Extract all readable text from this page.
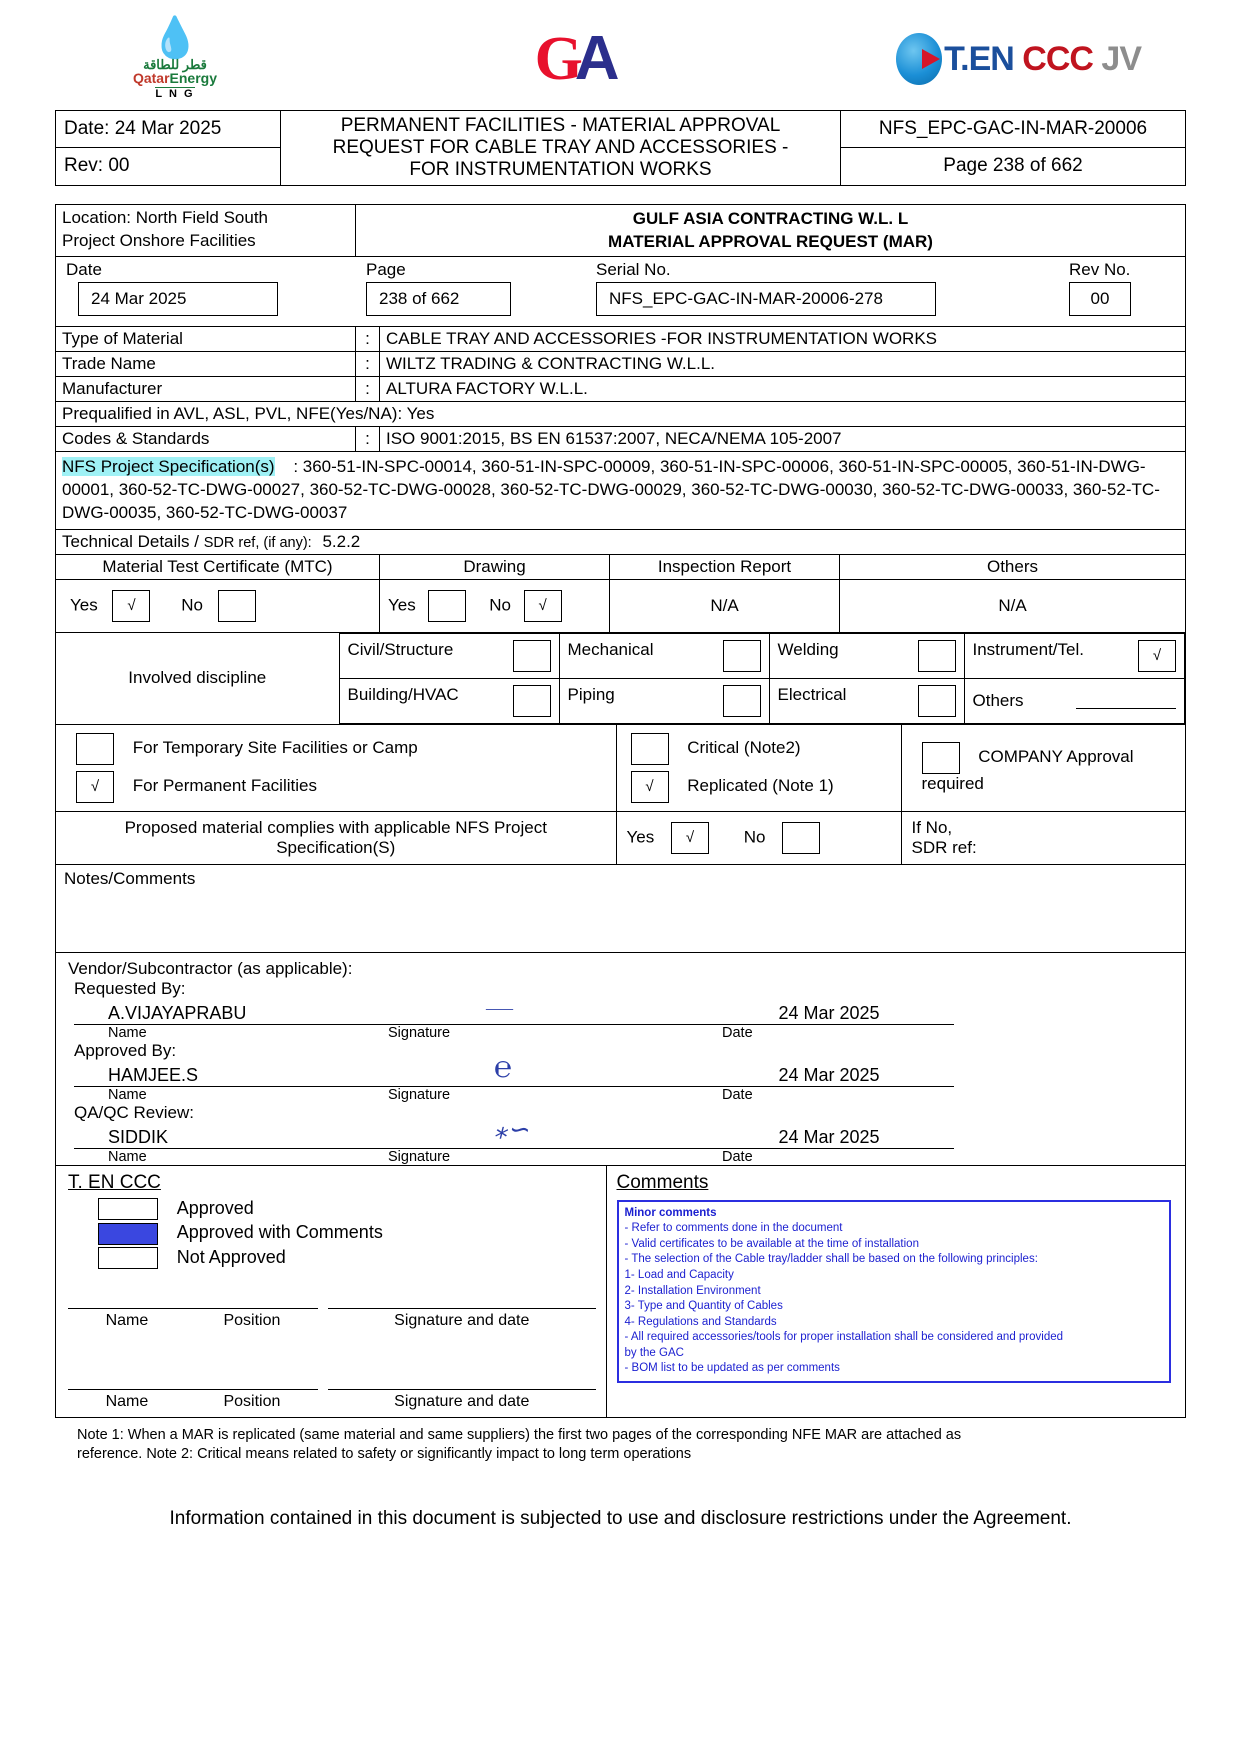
💧
قطر للطاقة
QatarEnergy
L N G
GA	T.EN CCC JV
Date: 24 Mar 2025	PERMANENT FACILITIES - MATERIAL APPROVAL
REQUEST FOR CABLE TRAY AND ACCESSORIES -
FOR INSTRUMENTATION WORKS	NFS_EPC-GAC-IN-MAR-20006
Rev: 00		Page 238 of 662
Location: North Field South
Project Onshore Facilities

GULF ASIA CONTRACTING W.L. L
MATERIAL APPROVAL REQUEST (MAR)

Date	Page	Serial No.	Rev No.
24 Mar 2025	238 of 662	NFS_EPC-GAC-IN-MAR-20006-278	00

Type of Material	:	CABLE TRAY AND ACCESSORIES -FOR INSTRUMENTATION WORKS
Trade Name	:	WILTZ TRADING & CONTRACTING W.L.L.
Manufacturer	:	ALTURA FACTORY W.L.L.
Prequalified in AVL, ASL, PVL, NFE(Yes/NA): Yes
Codes & Standards	:	ISO 9001:2015, BS EN 61537:2007, NECA/NEMA 105-2007
NFS Project Specification(s) : 360-51-IN-SPC-00014, 360-51-IN-SPC-00009, 360-51-IN-SPC-00006, 360-51-IN-SPC-00005, 360-51-IN-DWG-00001, 360-52-TC-DWG-00027, 360-52-TC-DWG-00028, 360-52-TC-DWG-00029, 360-52-TC-DWG-00030, 360-52-TC-DWG-00033, 360-52-TC-DWG-00035, 360-52-TC-DWG-00037
Technical Details / SDR ref, (if any): 5.2.2
Material Test Certificate (MTC)	Drawing	Inspection Report	Others
Yes √	No	Yes	No √	N/A	N/A

Involved discipline	Civil/Structure	Mechanical	Welding	Instrument/Tel.	√

Building/HVAC	Piping	Electrical	Others

For Temporary Site Facilities or Camp
√ For Permanent Facilities

Critical (Note2)
√ Replicated (Note 1)
	COMPANY Approval required

Proposed material complies with applicable NFS Project
Specification(S)
	Yes √	No	If No,
SDR ref:

Notes/Comments

Vendor/Subcontractor (as applicable):
Requested By:
A.VIJAYAPRABU
Name
⸺
Signature
24 Mar 2025
Date
Approved By:
HAMJEE.S
Name
℮
Signature
24 Mar 2025
Date
QA/QC Review:
SIDDIK
Name
⁎∽
Signature
24 Mar 2025
Date

T. EN CCC
Approved
Approved with Comments
Not Approved
Name	Position	Signature and date
Name	Position	Signature and date
	Comments
Minor comments
- Refer to comments done in the document
- Valid certificates to be available at the time of installation
- The selection of the Cable tray/ladder shall be based on the following principles:
1- Load and Capacity
2- Installation Environment
3- Type and Quantity of Cables
4- Regulations and Standards
- All required accessories/tools for proper installation shall be considered and provided
by the GAC
- BOM list to be updated as per comments
Note 1: When a MAR is replicated (same material and same suppliers) the first two pages of the corresponding NFE MAR are attached as
reference. Note 2: Critical means related to safety or significantly impact to long term operations
Information contained in this document is subjected to use and disclosure restrictions under the Agreement.
